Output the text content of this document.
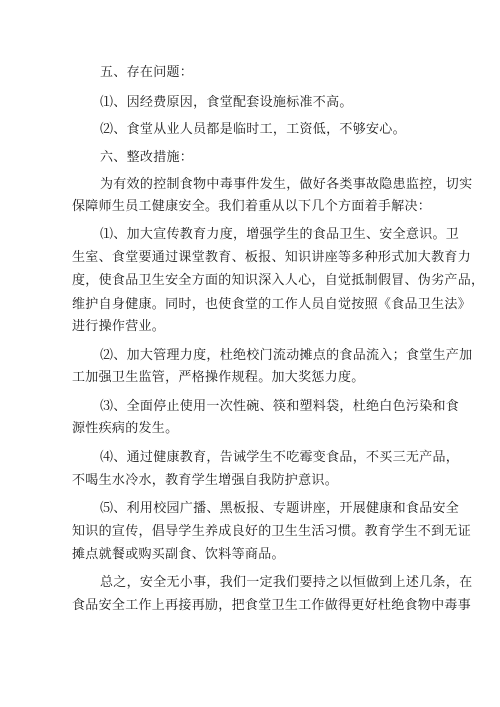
五、存在问题：

⑴、因经费原因，食堂配套设施标准不高。

⑵、食堂从业人员都是临时工，工资低，不够安心。

六、整改措施：

为有效的控制食物中毒事件发生，做好各类事故隐患监控，切实

保障师生员工健康安全。我们着重从以下几个方面着手解决：

⑴、加大宣传教育力度，增强学生的食品卫生、安全意识。卫

生室、食堂要通过课堂教育、板报、知识讲座等多种形式加大教育力

度，使食品卫生安全方面的知识深入人心，自觉抵制假冒、伪劣产品，

维护自身健康。同时，也使食堂的工作人员自觉按照《食品卫生法》

进行操作营业。

⑵、加大管理力度，杜绝校门流动摊点的食品流入；食堂生产加

工加强卫生监管，严格操作规程。加大奖惩力度。

⑶、全面停止使用一次性碗、筷和塑料袋，杜绝白色污染和食

源性疾病的发生。

⑷、通过健康教育，告诫学生不吃霉变食品，不买三无产品，

不喝生水冷水，教育学生增强自我防护意识。

⑸、利用校园广播、黑板报、专题讲座，开展健康和食品安全

知识的宣传，倡导学生养成良好的卫生生活习惯。教育学生不到无证

摊点就餐或购买副食、饮料等商品。

总之，安全无小事，我们一定我们要持之以恒做到上述几条，在

食品安全工作上再接再励，把食堂卫生工作做得更好杜绝食物中毒事
